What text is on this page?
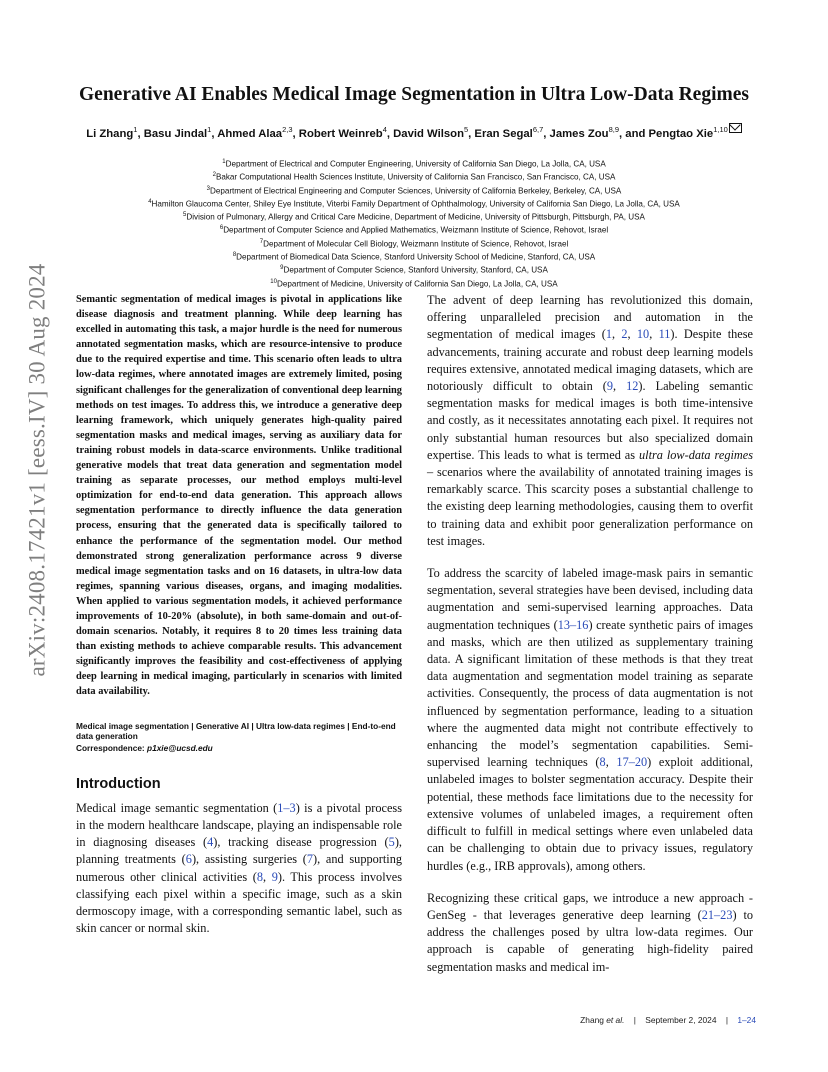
arXiv:2408.17421v1 [eess.IV] 30 Aug 2024
Generative AI Enables Medical Image Segmentation in Ultra Low-Data Regimes
Li Zhang$^1$, Basu Jindal$^1$, Ahmed Alaa$^{2,3}$, Robert Weinreb$^4$, David Wilson$^5$, Eran Segal$^{6,7}$, James Zou$^{8,9}$, and Pengtao Xie$^{1,10}$
$^1$Department of Electrical and Computer Engineering, University of California San Diego, La Jolla, CA, USA
$^2$Bakar Computational Health Sciences Institute, University of California San Francisco, San Francisco, CA, USA
$^3$Department of Electrical Engineering and Computer Sciences, University of California Berkeley, Berkeley, CA, USA
$^4$Hamilton Glaucoma Center, Shiley Eye Institute, Viterbi Family Department of Ophthalmology, University of California San Diego, La Jolla, CA, USA
$^5$Division of Pulmonary, Allergy and Critical Care Medicine, Department of Medicine, University of Pittsburgh, Pittsburgh, PA, USA
$^6$Department of Computer Science and Applied Mathematics, Weizmann Institute of Science, Rehovot, Israel
$^7$Department of Molecular Cell Biology, Weizmann Institute of Science, Rehovot, Israel
$^8$Department of Biomedical Data Science, Stanford University School of Medicine, Stanford, CA, USA
$^9$Department of Computer Science, Stanford University, Stanford, CA, USA
$^{10}$Department of Medicine, University of California San Diego, La Jolla, CA, USA

Semantic segmentation of medical images is pivotal in applications like disease diagnosis and treatment planning. While deep learning has excelled in automating this task, a major hurdle is the need for numerous annotated segmentation masks, which are resource-intensive to produce due to the required expertise and time. This scenario often leads to ultra low-data regimes, where annotated images are extremely limited, posing significant challenges for the generalization of conventional deep learning methods on test images. To address this, we introduce a generative deep learning framework, which uniquely generates high-quality paired segmentation masks and medical images, serving as auxiliary data for training robust models in data-scarce environments. Unlike traditional generative models that treat data generation and segmentation model training as separate processes, our method employs multi-level optimization for end-to-end data generation. This approach allows segmentation performance to directly influence the data generation process, ensuring that the generated data is specifically tailored to enhance the performance of the segmentation model. Our method demonstrated strong generalization performance across 9 diverse medical image segmentation tasks and on 16 datasets, in ultra-low data regimes, spanning various diseases, organs, and imaging modalities. When applied to various segmentation models, it achieved performance improvements of 10-20% (absolute), in both same-domain and out-of-domain scenarios. Notably, it requires 8 to 20 times less training data than existing methods to achieve comparable results. This advancement significantly improves the feasibility and cost-effectiveness of applying deep learning in medical imaging, particularly in scenarios with limited data availability.

Medical image segmentation | Generative AI | Ultra low-data regimes | End-to-end data generation
Correspondence: p1xie@ucsd.edu
Introduction

Medical image semantic segmentation (1–3) is a pivotal process in the modern healthcare landscape, playing an indispensable role in diagnosing diseases (4), tracking disease progression (5), planning treatments (6), assisting surgeries (7), and supporting numerous other clinical activities (8, 9). This process involves classifying each pixel within a specific image, such as a skin dermoscopy image, with a corresponding semantic label, such as skin cancer or normal skin.

The advent of deep learning has revolutionized this domain, offering unparalleled precision and automation in the segmentation of medical images (1, 2, 10, 11). Despite these advancements, training accurate and robust deep learning models requires extensive, annotated medical imaging datasets, which are notoriously difficult to obtain (9, 12). Labeling semantic segmentation masks for medical images is both time-intensive and costly, as it necessitates annotating each pixel. It requires not only substantial human resources but also specialized domain expertise. This leads to what is termed as ultra low-data regimes – scenarios where the availability of annotated training images is remarkably scarce. This scarcity poses a substantial challenge to the existing deep learning methodologies, causing them to overfit to training data and exhibit poor generalization performance on test images.

To address the scarcity of labeled image-mask pairs in semantic segmentation, several strategies have been devised, including data augmentation and semi-supervised learning approaches. Data augmentation techniques (13–16) create synthetic pairs of images and masks, which are then utilized as supplementary training data. A significant limitation of these methods is that they treat data augmentation and segmentation model training as separate activities. Consequently, the process of data augmentation is not influenced by segmentation performance, leading to a situation where the augmented data might not contribute effectively to enhancing the model’s segmentation capabilities. Semi-supervised learning techniques (8, 17–20) exploit additional, unlabeled images to bolster segmentation accuracy. Despite their potential, these methods face limitations due to the necessity for extensive volumes of unlabeled images, a requirement often difficult to fulfill in medical settings where even unlabeled data can be challenging to obtain due to privacy issues, regulatory hurdles (e.g., IRB approvals), among others.

Recognizing these critical gaps, we introduce a new approach - GenSeg - that leverages generative deep learning (21–23) to address the challenges posed by ultra low-data regimes. Our approach is capable of generating high-fidelity paired segmentation masks and medical im-

Zhang et al. | September 2, 2024 | 1–24
